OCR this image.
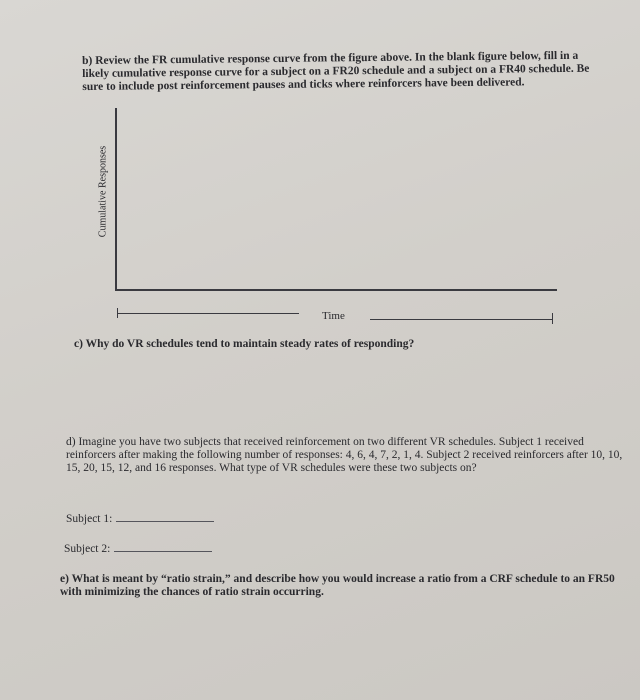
b) Review the FR cumulative response curve from the figure above. In the blank figure below, fill in a likely cumulative response curve for a subject on a FR20 schedule and a subject on a FR40 schedule. Be sure to include post reinforcement pauses and ticks where reinforcers have been delivered.
Cumulative Responses
Time
c) Why do VR schedules tend to maintain steady rates of responding?
d) Imagine you have two subjects that received reinforcement on two different VR schedules. Subject 1 received reinforcers after making the following number of responses: 4, 6, 4, 7, 2, 1, 4. Subject 2 received reinforcers after 10, 10, 15, 20, 15, 12, and 16 responses. What type of VR schedules were these two subjects on?
Subject 1:
Subject 2:
e) What is meant by “ratio strain,” and describe how you would increase a ratio from a CRF schedule to an FR50 with minimizing the chances of ratio strain occurring.
